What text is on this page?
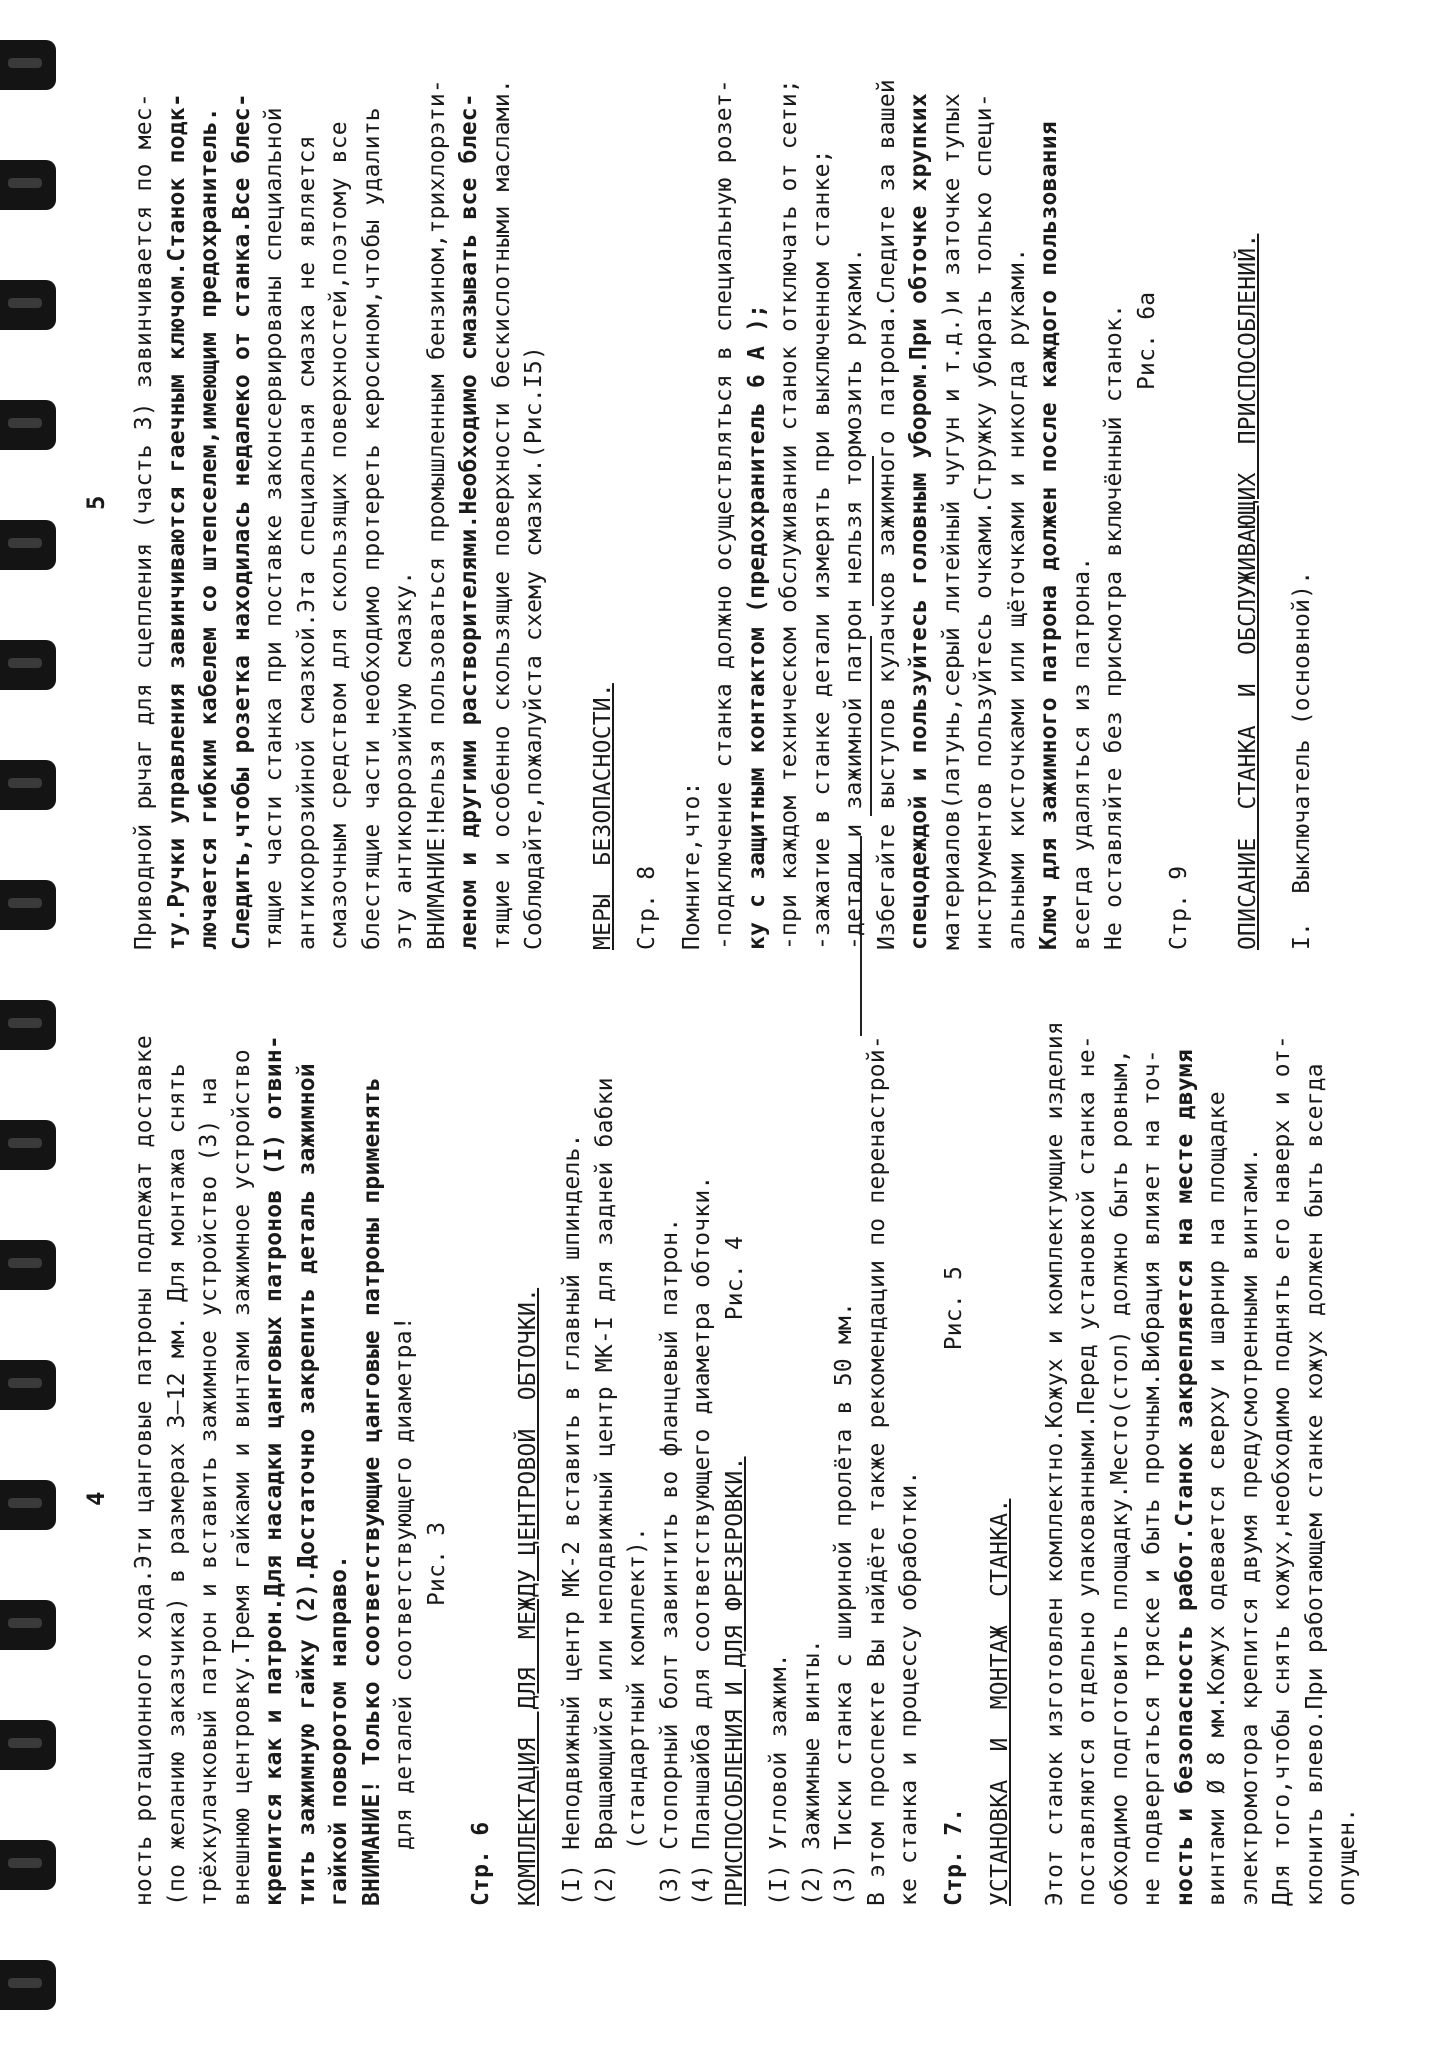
4 ность ротационного хода.Эти цанговые патроны подлежат доставке (по желанию заказчика) в размерах 3–12 мм. Для монтажа снять трёхкулачковый патрон и вставить зажимное устройство (3) на внешнюю центровку.Тремя гайками и винтами зажимное устройство крепится как и патрон.Для насадки цанговых патронов (I) отвин- тить зажимную гайку (2).Достаточно закрепить деталь зажимной гайкой поворотом направо. ВНИМАНИЕ! Только соответствующие цанговые патроны применять для деталей соответствующего диаметра! Рис. 3

Стр. 6 КОМПЛЕКТАЦИЯ  ДЛЯ  МЕЖДУ ЦЕНТРОВОЙ  ОБТОЧКИ. (I) Неподвижный центр МК-2 вставить в главный шпиндель. (2) Вращающийся или неподвижный центр МК-I для задней бабки (стандартный комплект). (3) Стопорный болт завинтить во фланцевый патрон. (4) Планшайба для соответствующего диаметра обточки. ПРИСПОСОБЛЕНИЯ И ДЛЯ ФРЕЗЕРОВКИ.
Рис. 4

(I) Угловой зажим. (2) Зажимные винты. (3) Тиски станка с шириной пролёта в 50 мм. В этом проспекте Вы найдёте также рекомендации по перенастрой- ке станка и процессу обработки. Стр. 7.
Рис. 5

УСТАНОВКА  И  МОНТАЖ  СТАНКА. Этот станок изготовлен комплектно.Кожух и комплектующие изделия поставляются отдельно упакованными.Перед установкой станка не- обходимо подготовить площадку.Место(стол) должно быть ровным, не подвергаться тряске и быть прочным.Вибрация влияет на точ- ность и безопасность работ.Станок закрепляется на месте двумя винтами Ø 8 мм.Кожух одевается сверху и шарнир на площадке электромотора крепится двумя предусмотренными винтами. Для того,чтобы снять кожух,необходимо поднять его наверх и от- клонить влево.При работающем станке кожух должен быть всегда опущен.

5 Приводной рычаг для сцепления (часть 3) завинчивается по мес- ту.Ручки управления завинчиваются гаечным ключом.Станок подк- лючается гибким кабелем со штепселем,имеющим предохранитель. Следить,чтобы розетка находилась недалеко от станка.Все блес- тящие части станка при поставке законсервированы специальной антикоррозийной смазкой.Эта специальная смазка не является смазочным средством для скользящих поверхностей,поэтому все блестящие части необходимо протереть керосином,чтобы удалить эту антикоррозийную смазку. ВНИМАНИЕ!Нельзя пользоваться промышленным бензином,трихлорэти- леном и другими растворителями.Необходимо смазывать все блес- тящие и особенно скользящие поверхности бескислотными маслами. Соблюдайте,пожалуйста схему смазки.(Рис.I5) МЕРЫ  БЕЗОПАСНОСТИ. Стр. 8 Помните,что: -подключение станка должно осуществляться в специальную розет- ку с защитным контактом (предохранитель 6 А ); -при каждом техническом обслуживании станок отключать от сети; -зажатие в станке детали измерять при выключенном станке; -детали и зажимной патрон нельзя тормозить руками. Избегайте выступов кулачков зажимного патрона.Следите за вашей спецодеждой и пользуйтесь головным убором.При обточке хрупких материалов(латунь,серый литейный чугун и т.д.)и заточке тупых инструментов пользуйтесь очками.Стружку убирать только специ- альными кисточками или щёточками и никогда руками. Ключ для зажимного патрона должен после каждого пользования всегда удаляться из патрона. Не оставляйте без присмотра включённый станок. Рис. 6а

Стр. 9 ОПИСАНИЕ  СТАНКА  И  ОБСЛУЖИВАЮЩИХ  ПРИСПОСОБЛЕНИЙ. I.  Выключатель (основной).
